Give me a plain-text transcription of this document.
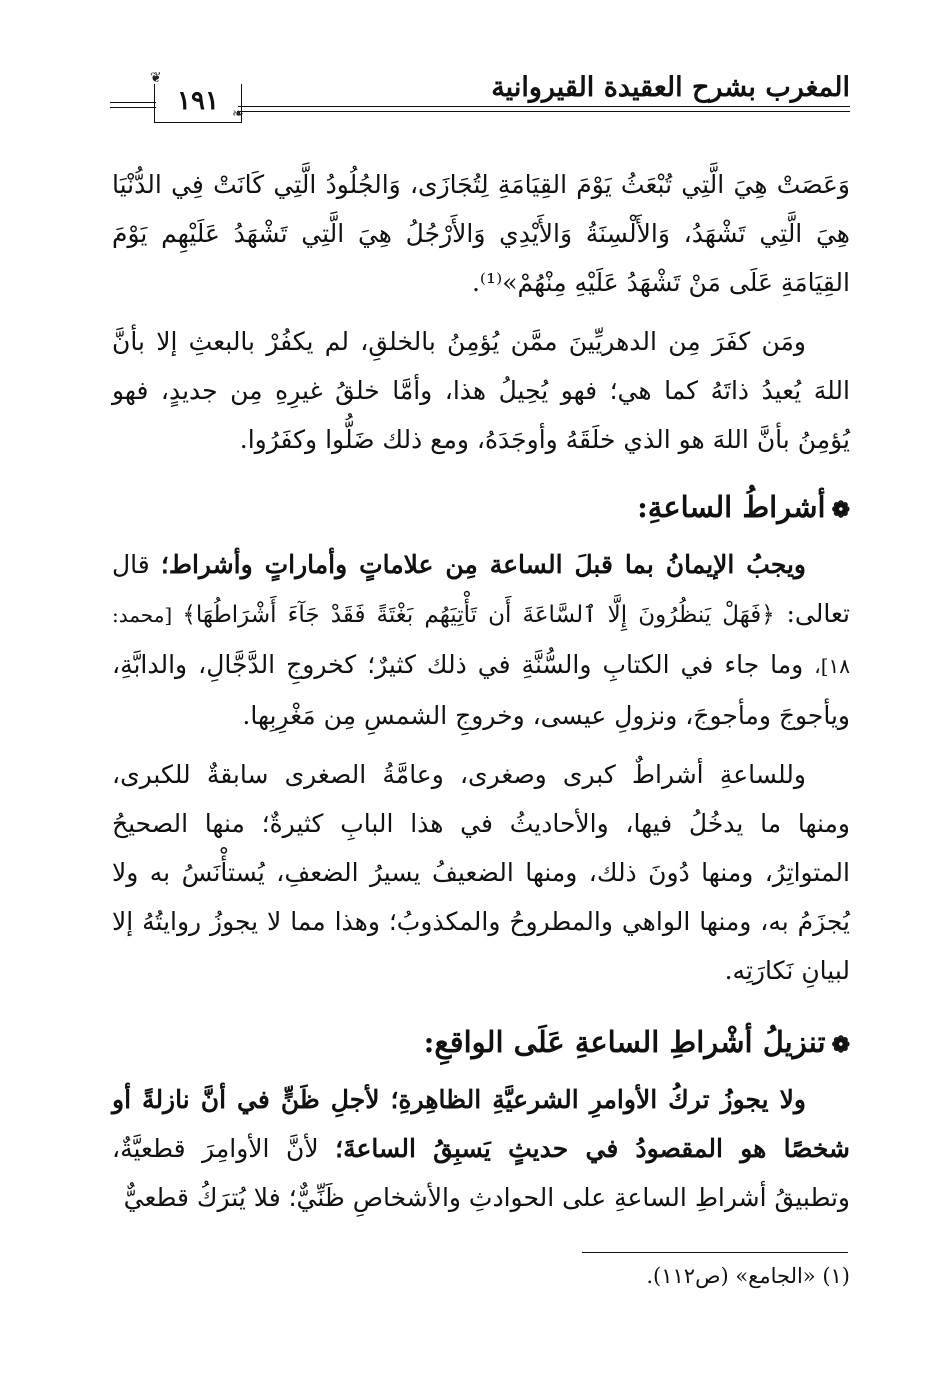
المغرب بشرح العقيدة القيروانية
❦
❧
١٩١

وَعَصَتْ هِيَ الَّتِي تُبْعَثُ يَوْمَ القِيَامَةِ لِتُجَازَى، وَالجُلُودُ الَّتِي كَانَتْ فِي الدُّنْيَا هِيَ الَّتِي تَشْهَدُ، وَالأَلْسِنَةُ وَالأَيْدِي وَالأَرْجُلُ هِيَ الَّتِي تَشْهَدُ عَلَيْهِم يَوْمَ القِيَامَةِ عَلَى مَنْ تَشْهَدُ عَلَيْهِ مِنْهُمْ»⁽¹⁾.

ومَن كفَرَ مِن الدهريِّينَ ممَّن يُؤمِنُ بالخلقِ، لم يكفُرْ بالبعثِ إلا بأنَّ اللهَ يُعيدُ ذاتَهُ كما هي؛ فهو يُحِيلُ هذا، وأمَّا خلقُ غيرِهِ مِن جديدٍ، فهو يُؤمِنُ بأنَّ اللهَ هو الذي خلَقَهُ وأوجَدَهُ، ومع ذلك ضَلُّوا وكفَرُوا.

❁أشراطُ الساعةِ:

ويجبُ الإيمانُ بما قبلَ الساعة مِن علاماتٍ وأماراتٍ وأشراط؛ قال تعالى: ﴿فَهَلْ يَنظُرُونَ إِلَّا ٱلسَّاعَةَ أَن تَأْتِيَهُم بَغْتَةً فَقَدْ جَآءَ أَشْرَاطُهَا﴾ [محمد: ١٨]، وما جاء في الكتابِ والسُّنَّةِ في ذلك كثيرٌ؛ كخروجِ الدَّجَّالِ، والدابَّةِ، ويأجوجَ ومأجوجَ، ونزولِ عيسى، وخروجِ الشمسِ مِن مَغْرِبِها.

وللساعةِ أشراطٌ كبرى وصغرى، وعامَّةُ الصغرى سابقةٌ للكبرى، ومنها ما يدخُلُ فيها، والأحاديثُ في هذا البابِ كثيرةٌ؛ منها الصحيحُ المتواتِرُ، ومنها دُونَ ذلك، ومنها الضعيفُ يسيرُ الضعفِ، يُستأْنَسُ به ولا يُجزَمُ به، ومنها الواهي والمطروحُ والمكذوبُ؛ وهذا مما لا يجوزُ روايتُهُ إلا لبيانِ نَكارَتِه.

❁تنزيلُ أشْراطِ الساعةِ عَلَى الواقعِ:

ولا يجوزُ تركُ الأوامرِ الشرعيَّةِ الظاهِرةِ؛ لأجلِ ظَنٍّ في أنَّ نازلةً أو شخصًا هو المقصودُ في حديثٍ يَسبِقُ الساعةَ؛ لأنَّ الأوامِرَ قطعيَّةٌ، وتطبيقُ أشراطِ الساعةِ على الحوادثِ والأشخاصِ ظَنِّيٌّ؛ فلا يُترَكُ قطعيٌّ

(١) «الجامع» (ص١١٢).
